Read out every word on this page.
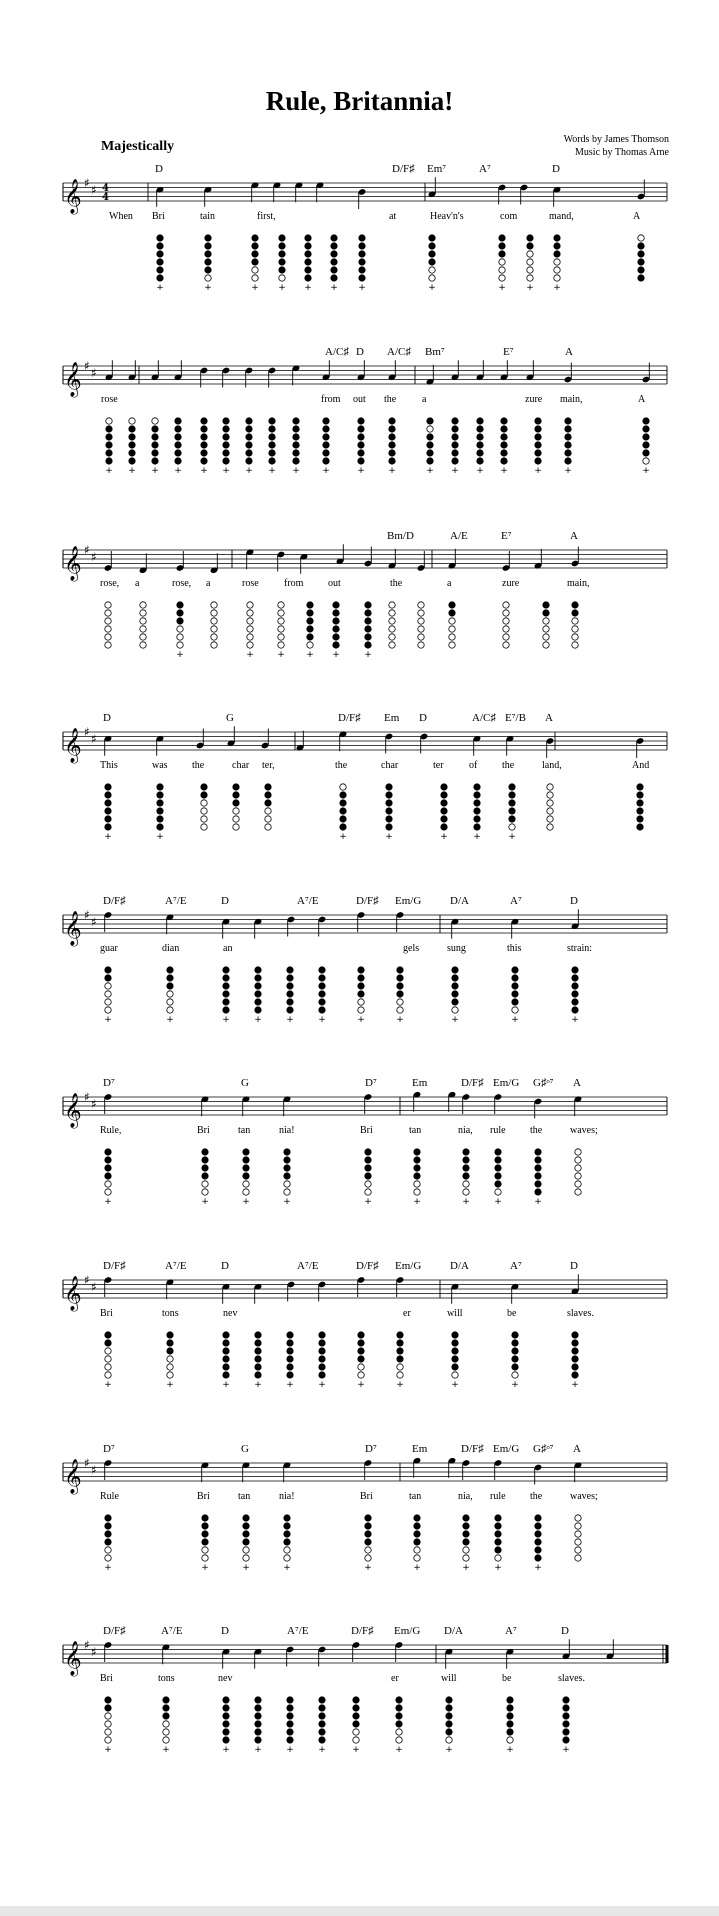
Rule, Britannia!
Majestically	Words by James Thomson
Music by Thomas Arne
𝄞 ♯ ♯ 4
4
+	+	+ + + + +	+	+ + +
D	D/F♯ Em⁷	A⁷	D
When Bri	tain	first,	at	Heav'n's	com	mand,	A
𝄞 ♯ ♯
+ + + + + + + + + +	+	+	+ + + +	+ +	+
A/C♯ D A/C♯ Bm⁷	E⁷	A
rose	from out the	a	zure main,	A
𝄞 ♯ ♯
+	+	+ + +	+
Bm/D	A/E	E⁷	A
rose, a	rose, a	rose	from out	the	a	zure	main,
𝄞 ♯ ♯
+	+	+	+	+	+	+
D	G	D/F♯ Em D	A/C♯ E⁷/B A
This	was the	char ter,	the	char	ter	of the	land,	And
𝄞 ♯ ♯
+	+	+	+	+	+	+	+	+	+	+
D/F♯	A⁷/E	D	A⁷/E	D/F♯ Em/G	D/A	A⁷	D
guar	dian	an	gels	sung	this	strain:
𝄞 ♯ ♯
+	+	+	+	+	+	+	+	+
D⁷	G	D⁷	Em	D/F♯ Em/G G♯ᵒ⁷ A
Rule,	Bri	tan	nia!	Bri	tan	nia, rule the	waves;
𝄞 ♯ ♯
+	+	+	+	+	+	+	+	+	+	+
D/F♯	A⁷/E	D	A⁷/E	D/F♯ Em/G	D/A	A⁷	D
Bri	tons	nev	er	will	be	slaves.
𝄞 ♯ ♯
+	+	+	+	+	+	+	+	+
D⁷	G	D⁷	Em	D/F♯ Em/G G♯ᵒ⁷ A
Rule	Bri	tan	nia!	Bri	tan	nia, rule the	waves;
𝄞 ♯ ♯
+	+	+	+	+	+	+	+	+	+	+
D/F♯	A⁷/E	D	A⁷/E	D/F♯ Em/G D/A	A⁷	D
Bri	tons	nev	er	will	be	slaves.
